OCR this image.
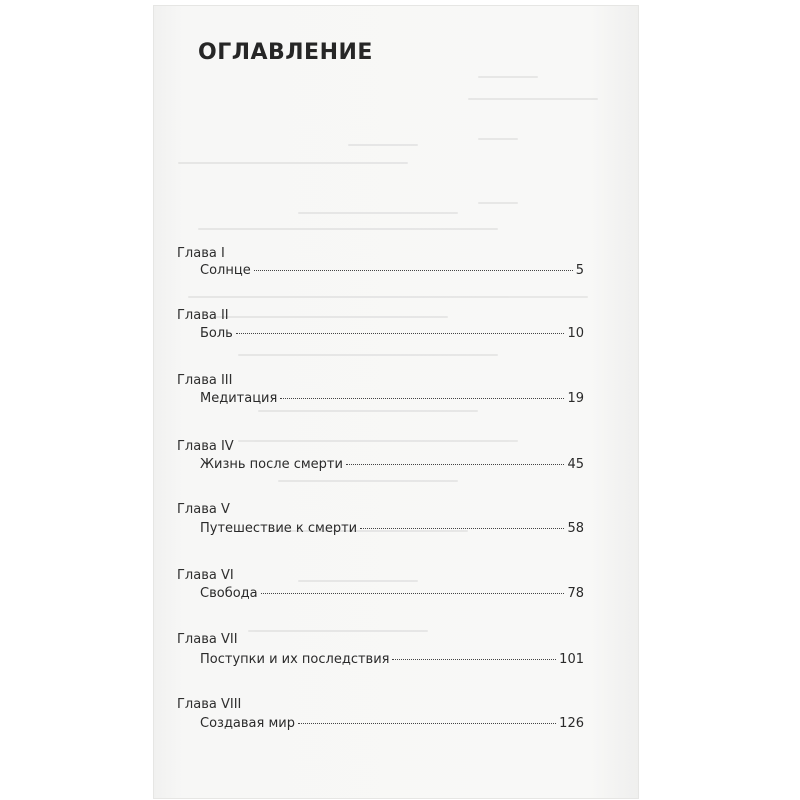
ОГЛАВЛЕНИЕ
Глава I
Солнце	5
Глава II
Боль	10
Глава III
Медитация	19
Глава IV
Жизнь после смерти	45
Глава V
Путешествие к смерти	58
Глава VI
Свобода	78
Глава VII
Поступки и их последствия	101
Глава VIII
Создавая мир	126
